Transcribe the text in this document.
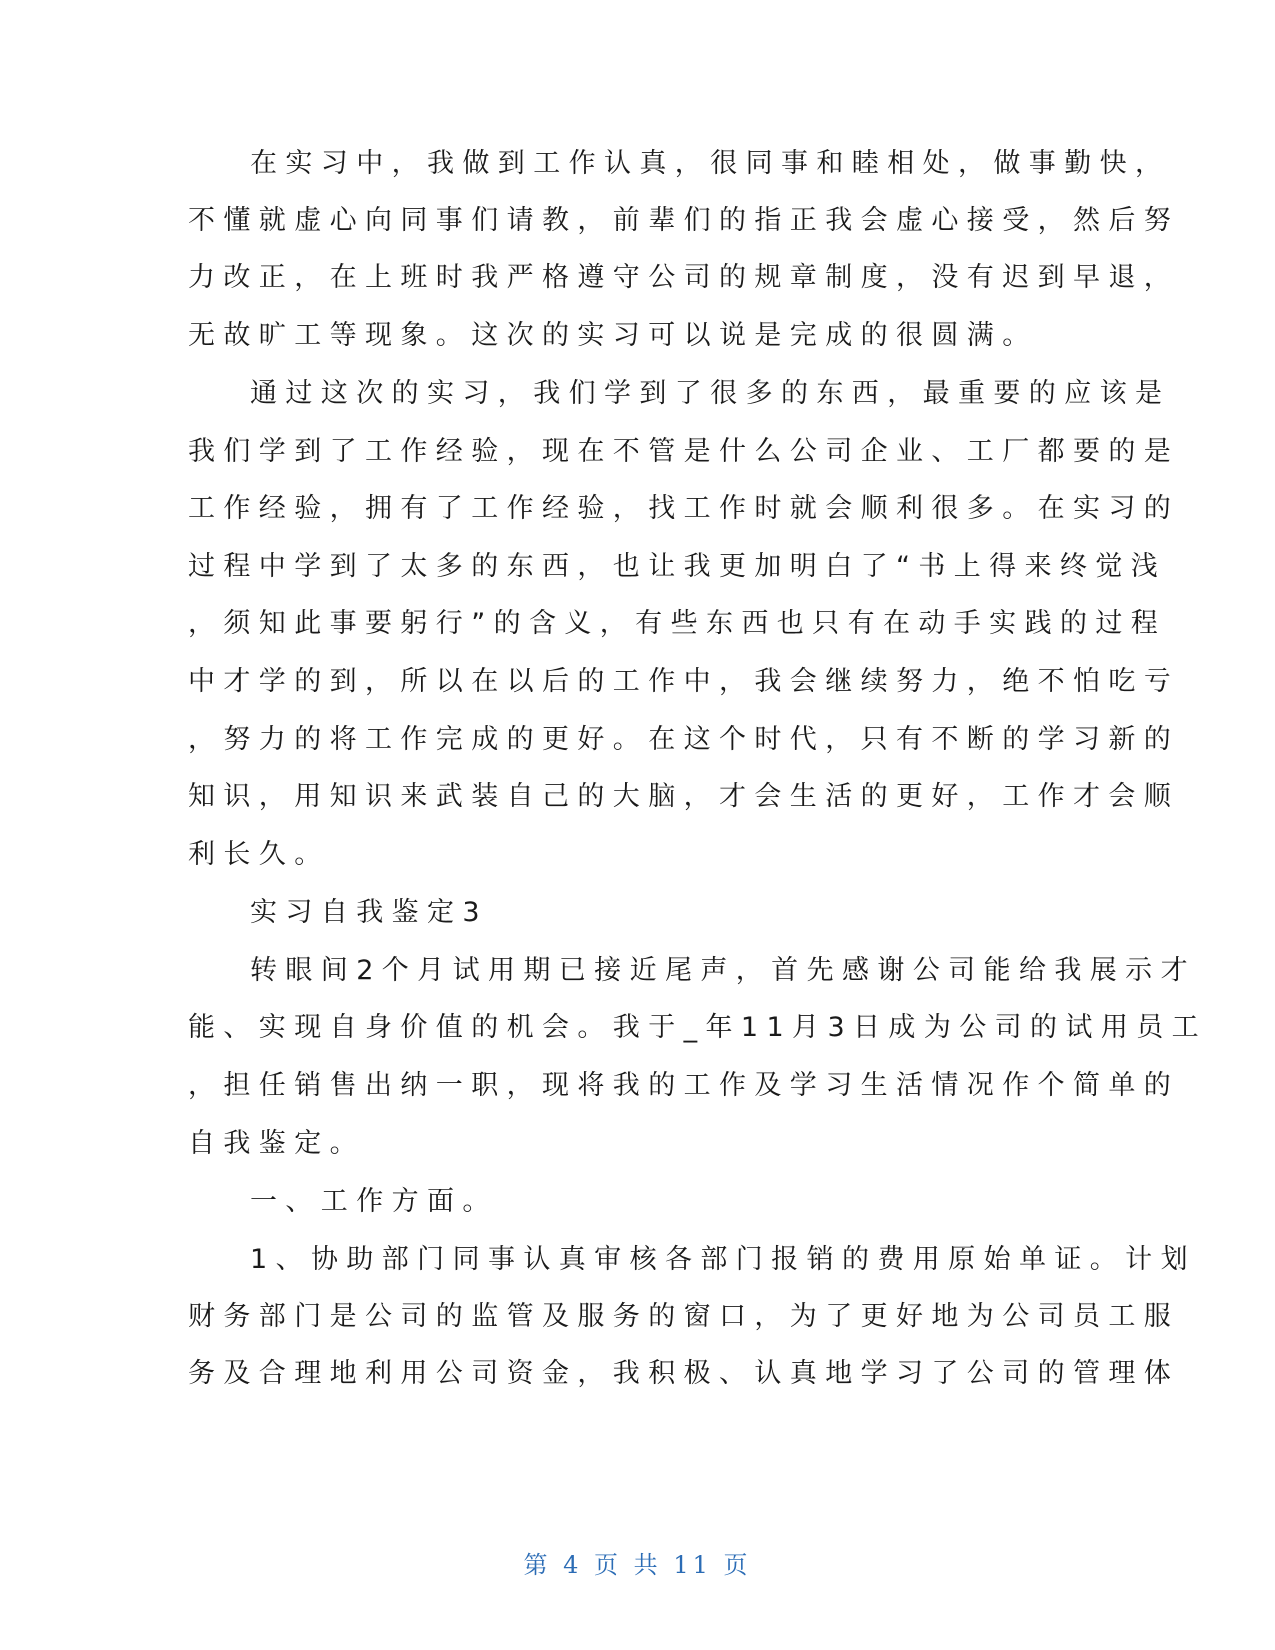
在实习中，我做到工作认真，很同事和睦相处，做事勤快，
不懂就虚心向同事们请教，前辈们的指正我会虚心接受，然后努
力改正，在上班时我严格遵守公司的规章制度，没有迟到早退，
无故旷工等现象。这次的实习可以说是完成的很圆满。
通过这次的实习，我们学到了很多的东西，最重要的应该是
我们学到了工作经验，现在不管是什么公司企业、工厂都要的是
工作经验，拥有了工作经验，找工作时就会顺利很多。在实习的
过程中学到了太多的东西，也让我更加明白了“书上得来终觉浅
，须知此事要躬行”的含义，有些东西也只有在动手实践的过程
中才学的到，所以在以后的工作中，我会继续努力，绝不怕吃亏
，努力的将工作完成的更好。在这个时代，只有不断的学习新的
知识，用知识来武装自己的大脑，才会生活的更好，工作才会顺
利长久。
实习自我鉴定3
转眼间2个月试用期已接近尾声，首先感谢公司能给我展示才
能、实现自身价值的机会。我于_年11月3日成为公司的试用员工
，担任销售出纳一职，现将我的工作及学习生活情况作个简单的
自我鉴定。
一、工作方面。
1、协助部门同事认真审核各部门报销的费用原始单证。计划
财务部门是公司的监管及服务的窗口，为了更好地为公司员工服
务及合理地利用公司资金，我积极、认真地学习了公司的管理体
第 4 页 共 11 页
